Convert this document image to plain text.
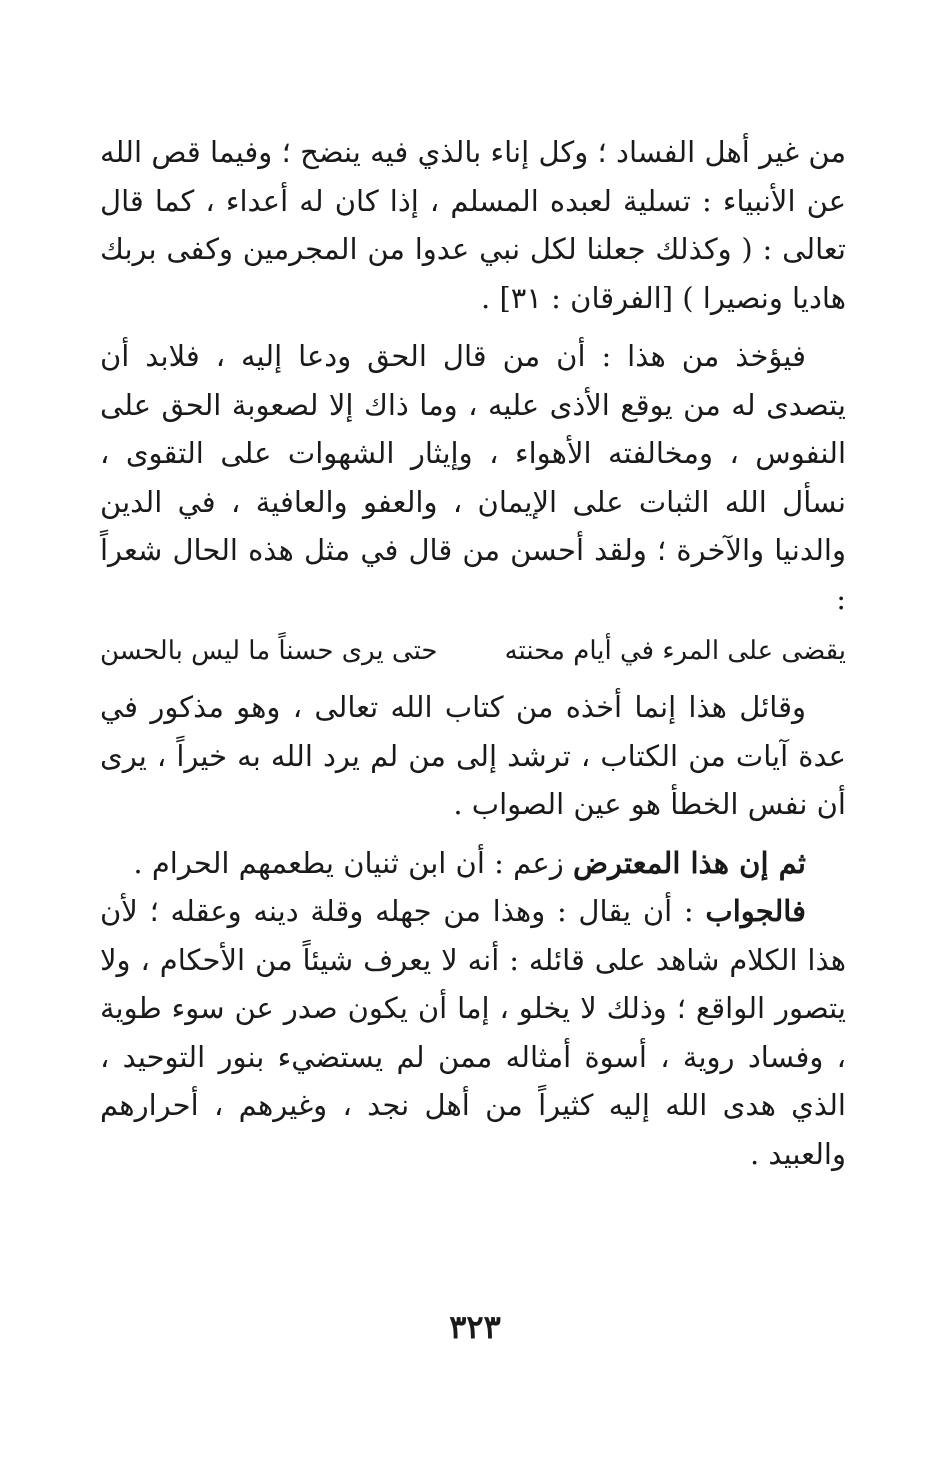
من غير أهل الفساد ؛ وكل إناء بالذي فيه ينضح ؛ وفيما قص الله عن الأنبياء : تسلية لعبده المسلم ، إذا كان له أعداء ، كما قال تعالى : ( وكذلك جعلنا لكل نبي عدوا من المجرمين وكفى بربك هاديا ونصيرا ) [الفرقان : ٣١] .

فيؤخذ من هذا : أن من قال الحق ودعا إليه ، فلابد أن يتصدى له من يوقع الأذى عليه ، وما ذاك إلا لصعوبة الحق على النفوس ، ومخالفته الأهواء ، وإيثار الشهوات على التقوى ، نسأل الله الثبات على الإيمان ، والعفو والعافية ، في الدين والدنيا والآخرة ؛ ولقد أحسن من قال في مثل هذه الحال شعراً :

يقضى على المرء في أيام محنته
حتى يرى حسناً ما ليس بالحسن

وقائل هذا إنما أخذه من كتاب الله تعالى ، وهو مذكور في عدة آيات من الكتاب ، ترشد إلى من لم يرد الله به خيراً ، يرى أن نفس الخطأ هو عين الصواب .

ثم إن هذا المعترض زعم : أن ابن ثنيان يطعمهم الحرام .

فالجواب : أن يقال : وهذا من جهله وقلة دينه وعقله ؛ لأن هذا الكلام شاهد على قائله : أنه لا يعرف شيئاً من الأحكام ، ولا يتصور الواقع ؛ وذلك لا يخلو ، إما أن يكون صدر عن سوء طوية ، وفساد روية ، أسوة أمثاله ممن لم يستضيء بنور التوحيد ، الذي هدى الله إليه كثيراً من أهل نجد ، وغيرهم ، أحرارهم والعبيد .

٣٢٣
